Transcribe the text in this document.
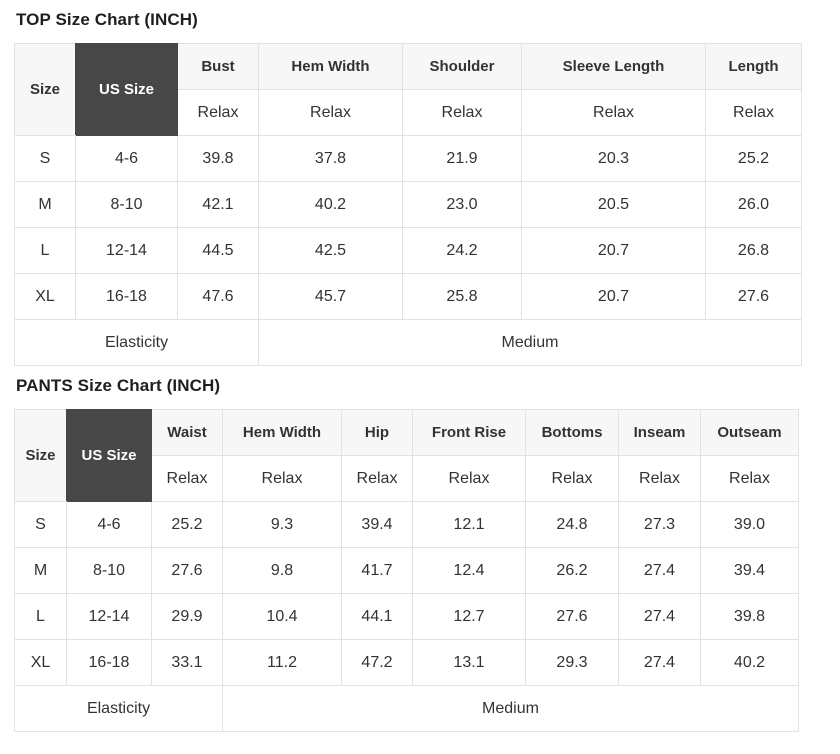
TOP Size Chart (INCH)
Size	US Size	Bust	Hem Width	Shoulder	Sleeve Length	Length
		Relax	Relax	Relax	Relax	Relax
S	4-6	39.8	37.8	21.9	20.3	25.2
M	8-10	42.1	40.2	23.0	20.5	26.0
L	12-14	44.5	42.5	24.2	20.7	26.8
XL	16-18	47.6	45.7	25.8	20.7	27.6
Elasticity			Medium			
PANTS Size Chart (INCH)
Size	US Size	Waist	Hem Width	Hip	Front Rise	Bottoms	Inseam	Outseam
		Relax	Relax	Relax	Relax	Relax	Relax	Relax
S	4-6	25.2	9.3	39.4	12.1	24.8	27.3	39.0
M	8-10	27.6	9.8	41.7	12.4	26.2	27.4	39.4
L	12-14	29.9	10.4	44.1	12.7	27.6	27.4	39.8
XL	16-18	33.1	11.2	47.2	13.1	29.3	27.4	40.2
Elasticity			Medium					
